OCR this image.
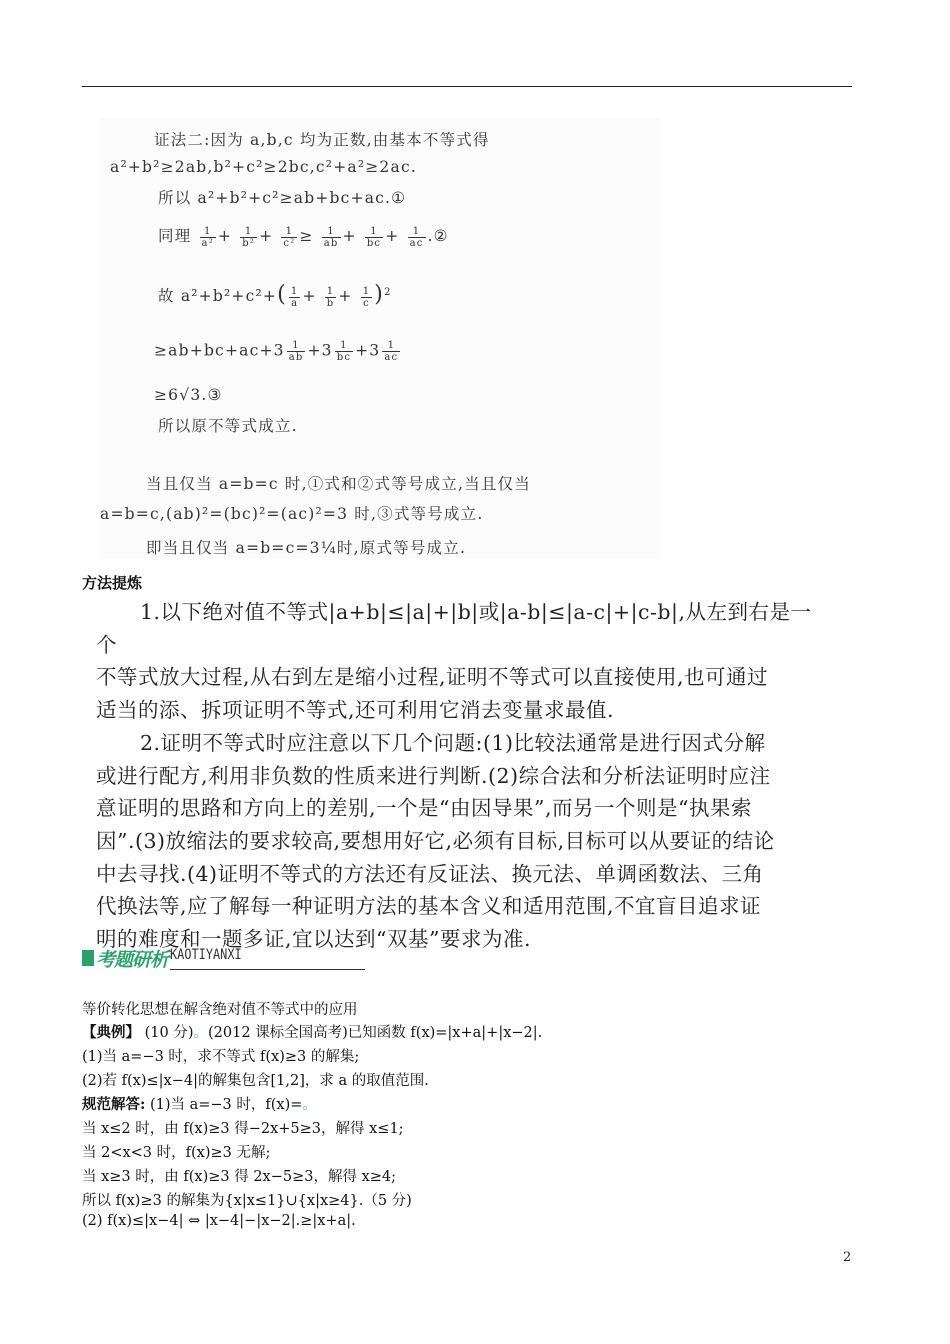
证法二:因为 a,b,c 均为正数,由基本不等式得
a²+b²≥2ab,b²+c²≥2bc,c²+a²≥2ac.
所以 a²+b²+c²≥ab+bc+ac.①
同理 $\frac{1}{\text{a²}} + \frac{1}{\text{b²}} + \frac{1}{\text{c²}} \ge \frac{1}{ab} + \frac{1}{bc} + \frac{1}{ac}$ .②
故 $a^2+b^2+c^2+( \frac{1}{a} + \frac{1}{b} + \frac{1}{c} )^2$
$\ge ab+bc+ac+3 \frac{1}{ab} +3 \frac{1}{bc} +3 \frac{1}{ac}$
≥6√3.③
所以原不等式成立.
当且仅当 a=b=c 时,①式和②式等号成立,当且仅当
a=b=c,(ab)²=(bc)²=(ac)²=3 时,③式等号成立.
即当且仅当 a=b=c=3¼时,原式等号成立.
方法提炼

1.以下绝对值不等式|a+b|≤|a|+|b|或|a-b|≤|a-c|+|c-b|,从左到右是一个

不等式放大过程,从右到左是缩小过程,证明不等式可以直接使用,也可通过

适当的添、拆项证明不等式,还可利用它消去变量求最值.

2.证明不等式时应注意以下几个问题:(1)比较法通常是进行因式分解

或进行配方,利用非负数的性质来进行判断.(2)综合法和分析法证明时应注

意证明的思路和方向上的差别,一个是“由因导果”,而另一个则是“执果索

因”.(3)放缩法的要求较高,要想用好它,必须有目标,目标可以从要证的结论

中去寻找.(4)证明不等式的方法还有反证法、换元法、单调函数法、三角

代换法等,应了解每一种证明方法的基本含义和适用范围,不宜盲目追求证

明的难度和一题多证,宜以达到“双基”要求为准.

考题研析 KAOTIYANXI
等价转化思想在解含绝对值不等式中的应用
【典例】 (10 分)。(2012 课标全国高考)已知函数 f(x)=|x+a|+|x−2|.
(1)当 a=−3 时，求不等式 f(x)≥3 的解集;
(2)若 f(x)≤|x−4|的解集包含[1,2]，求 a 的取值范围.
规范解答: (1)当 a=−3 时，f(x)=。
当 x≤2 时，由 f(x)≥3 得−2x+5≥3，解得 x≤1;
当 2<x<3 时，f(x)≥3 无解;
当 x≥3 时，由 f(x)≥3 得 2x−5≥3，解得 x≥4;
所以 f(x)≥3 的解集为{x|x≤1}∪{x|x≥4}.（5 分)
(2) f(x)≤|x−4| ⇔ |x−4|−|x−2|.≥|x+a|.
2
